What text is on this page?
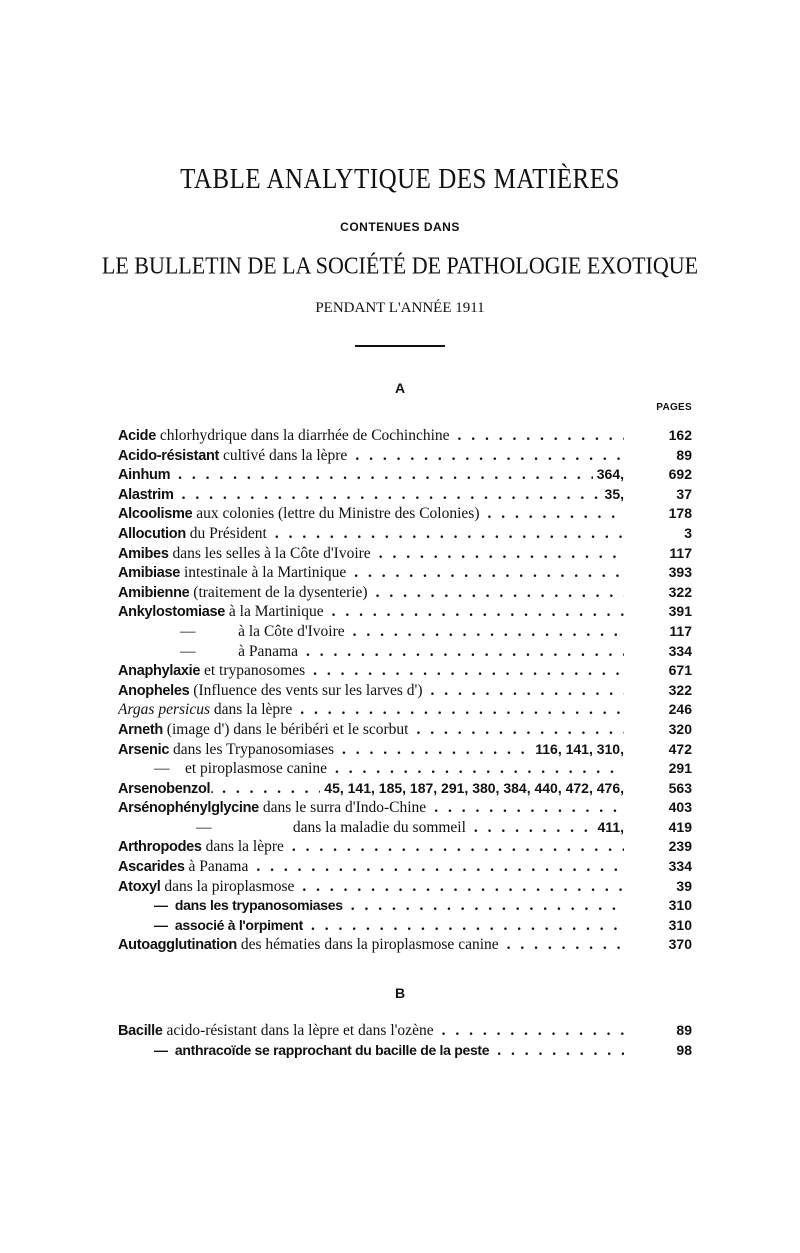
TABLE ANALYTIQUE DES MATIÈRES
CONTENUES DANS
LE BULLETIN DE LA SOCIÉTÉ DE PATHOLOGIE EXOTIQUE
PENDANT L'ANNÉE 1911
A
PAGES
Acide chlorhydrique dans la diarrhée de Cochinchine . . .	162
Acido-résistant cultivé dans la lèpre . . .	89
Ainhum . . .	364,	692
Alastrim . . .	35,	37
Alcoolisme aux colonies (lettre du Ministre des Colonies) . . .	178
Allocution du Président . . .	3
Amibes dans les selles à la Côte d'Ivoire . . .	117
Amibiase intestinale à la Martinique . . .	393
Amibienne (traitement de la dysenterie) . . .	322
Ankylostomiase à la Martinique . . .	391
—           à la Côte d'Ivoire . . .	117
—           à Panama . . .	334
Anaphylaxie et trypanosomes . . .	671
Anopheles (Influence des vents sur les larves d') . . .	322
Argas persicus dans la lèpre . . .	246
Arneth (image d') dans le béribéri et le scorbut . . .	320
Arsenic dans les Trypanosomiases . . .	116, 141, 310,	472
—    et piroplasmose canine . . .	291
Arsenobenzol. . . .	45, 141, 185, 187, 291, 380, 384, 440, 472, 476,	563
Arsénophénylglycine dans le surra d'Indo-Chine . . .	403
—                     dans la maladie du sommeil . . .	411,	419
Arthropodes dans la lèpre . . .	239
Ascarides à Panama . . .	334
Atoxyl dans la piroplasmose . . .	39
—  dans les trypanosomiases . . .	310
—  associé à l'orpiment . . .	310
Autoagglutination des hématies dans la piroplasmose canine . . .	370
B
Bacille acido-résistant dans la lèpre et dans l'ozène . . .	89
—  anthracoïde se rapprochant du bacille de la peste . . .	98
